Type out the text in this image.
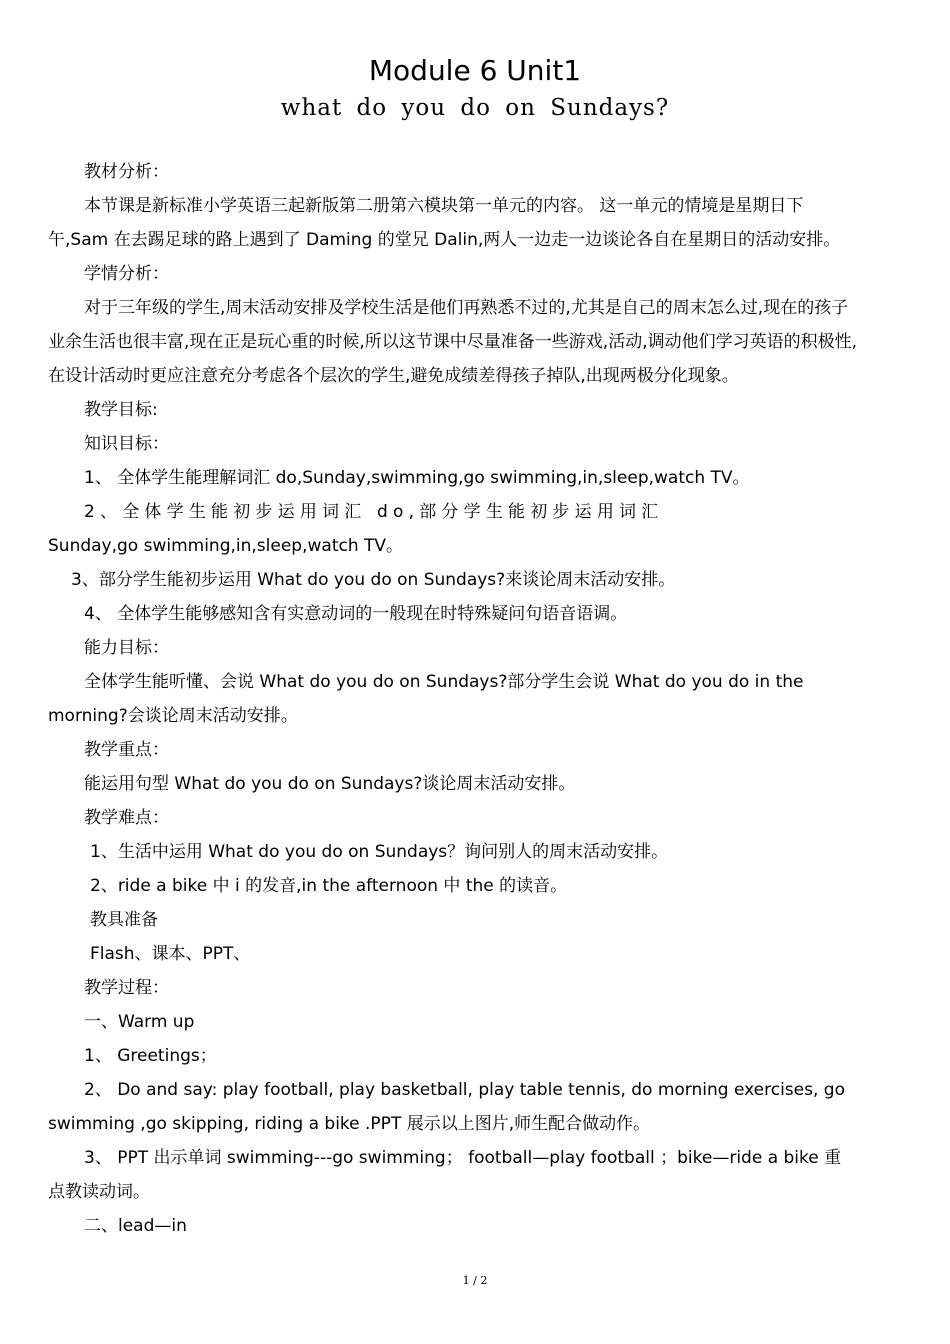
Module 6 Unit1
what do you do on Sundays?
教材分析：
本节课是新标准小学英语三起新版第二册第六模块第一单元的内容。 这一单元的情境是星期日下
午,Sam 在去踢足球的路上遇到了 Daming 的堂兄 Dalin,两人一边走一边谈论各自在星期日的活动安排。
学情分析：
对于三年级的学生,周末活动安排及学校生活是他们再熟悉不过的,尤其是自己的周末怎么过,现在的孩子
业余生活也很丰富,现在正是玩心重的时候,所以这节课中尽量准备一些游戏,活动,调动他们学习英语的积极性,
在设计活动时更应注意充分考虑各个层次的学生,避免成绩差得孩子掉队,出现两极分化现象。
教学目标:
知识目标：
1、 全体学生能理解词汇 do,Sunday,swimming,go swimming,in,sleep,watch TV。
2、全体学生能初步运用词汇 do,部分学生能初步运用词汇
Sunday,go swimming,in,sleep,watch TV。
3、部分学生能初步运用 What do you do on Sundays?来谈论周末活动安排。
4、 全体学生能够感知含有实意动词的一般现在时特殊疑问句语音语调。
能力目标：
全体学生能听懂、会说 What do you do on Sundays?部分学生会说 What do you do in the
morning?会谈论周末活动安排。
教学重点：
能运用句型 What do you do on Sundays?谈论周末活动安排。
教学难点：
1、生活中运用 What do you do on Sundays？询问别人的周末活动安排。
2、ride a bike 中 i 的发音,in the afternoon 中 the 的读音。
教具准备
Flash、课本、PPT、
教学过程：
一、Warm up
1、 Greetings；
2、 Do and say: play football, play basketball, play table tennis, do morning exercises, go
swimming ,go skipping, riding a bike .PPT 展示以上图片,师生配合做动作。
3、 PPT 出示单词 swimming---go swimming； football—play football ；bike—ride a bike 重
点教读动词。
二、lead—in
1 / 2
